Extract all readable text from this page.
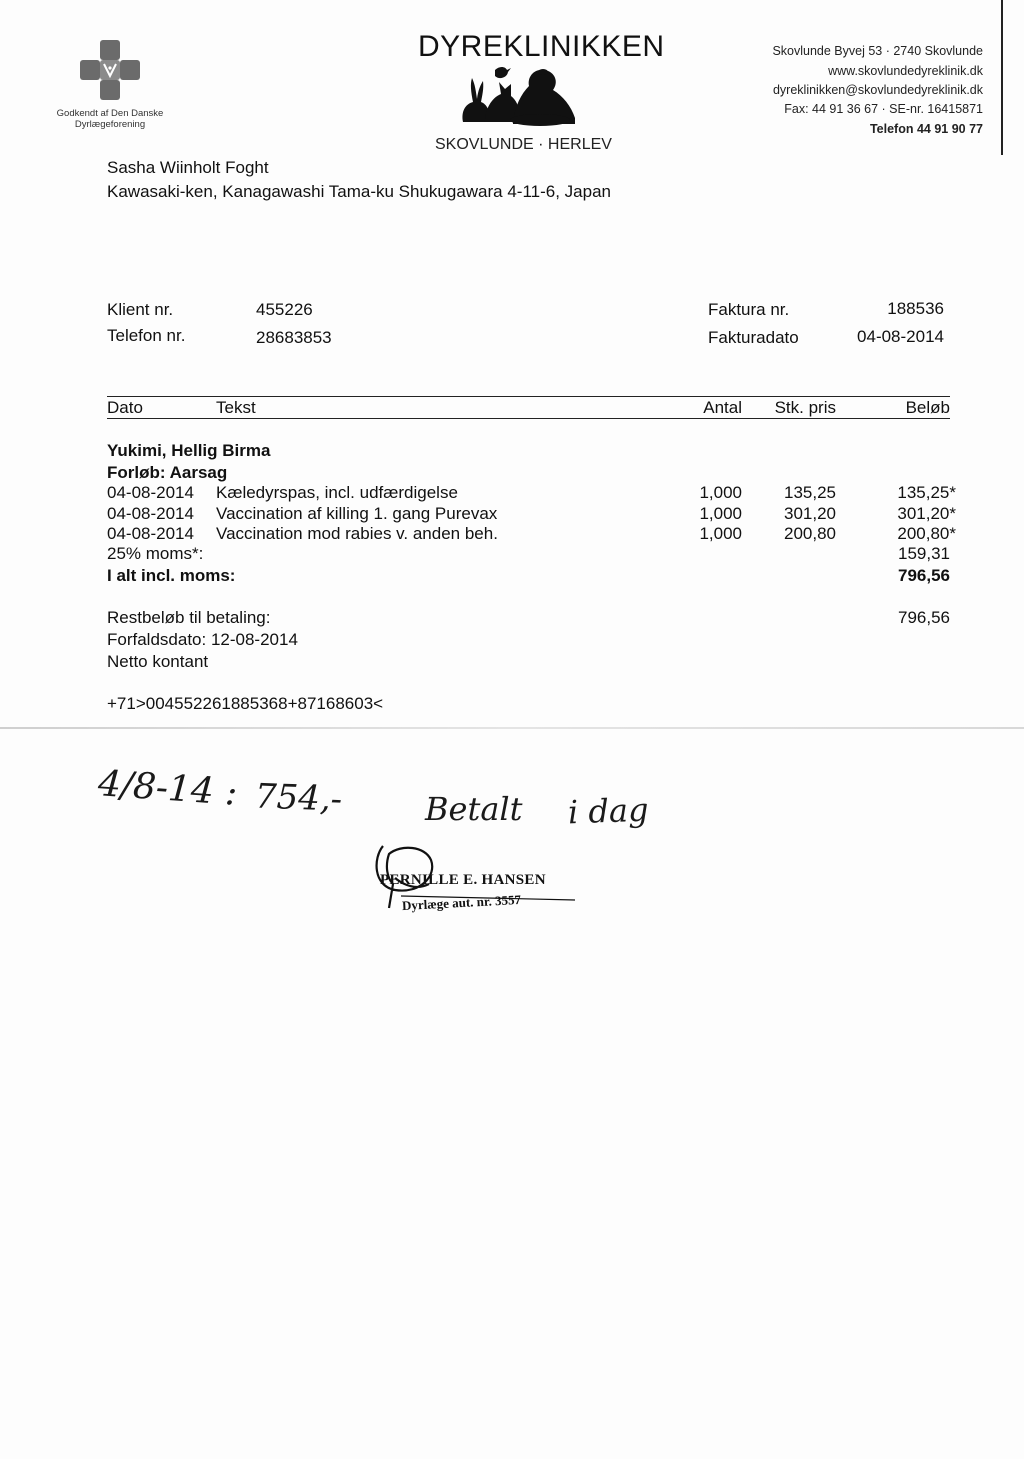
Godkendt af Den Danske
Dyrlægeforening
DYREKLINIKKEN
SKOVLUNDE · HERLEV
Skovlunde Byvej 53 · 2740 Skovlunde
www.skovlundedyreklinik.dk
dyreklinikken@skovlundedyreklinik.dk
Fax: 44 91 36 67 · SE-nr. 16415871
Telefon 44 91 90 77
Sasha Wiinholt Foght
Kawasaki-ken, Kanagawashi Tama-ku Shukugawara 4-11-6, Japan
Klient nr.	455226
Telefon nr.	28683853
Faktura nr.	188536
Fakturadato	04-08-2014
Dato	Tekst	Antal Stk. pris	Beløb
Yukimi, Hellig Birma
Forløb: Aarsag
04-08-2014 Kæledyrspas, incl. udfærdigelse	1,000 135,25	135,25*
04-08-2014 Vaccination af killing 1. gang Purevax	1,000 301,20	301,20*
04-08-2014 Vaccination mod rabies v. anden beh.	1,000 200,80	200,80*
25% moms*:	159,31
I alt incl. moms:	796,56
Restbeløb til betaling:	796,56
Forfaldsdato: 12-08-2014
Netto kontant
+71>004552261885368+87168603<
4/8-14 : 754,-	Betalt i dag
PERNILLE E. HANSEN
Dyrlæge aut. nr. 3557
